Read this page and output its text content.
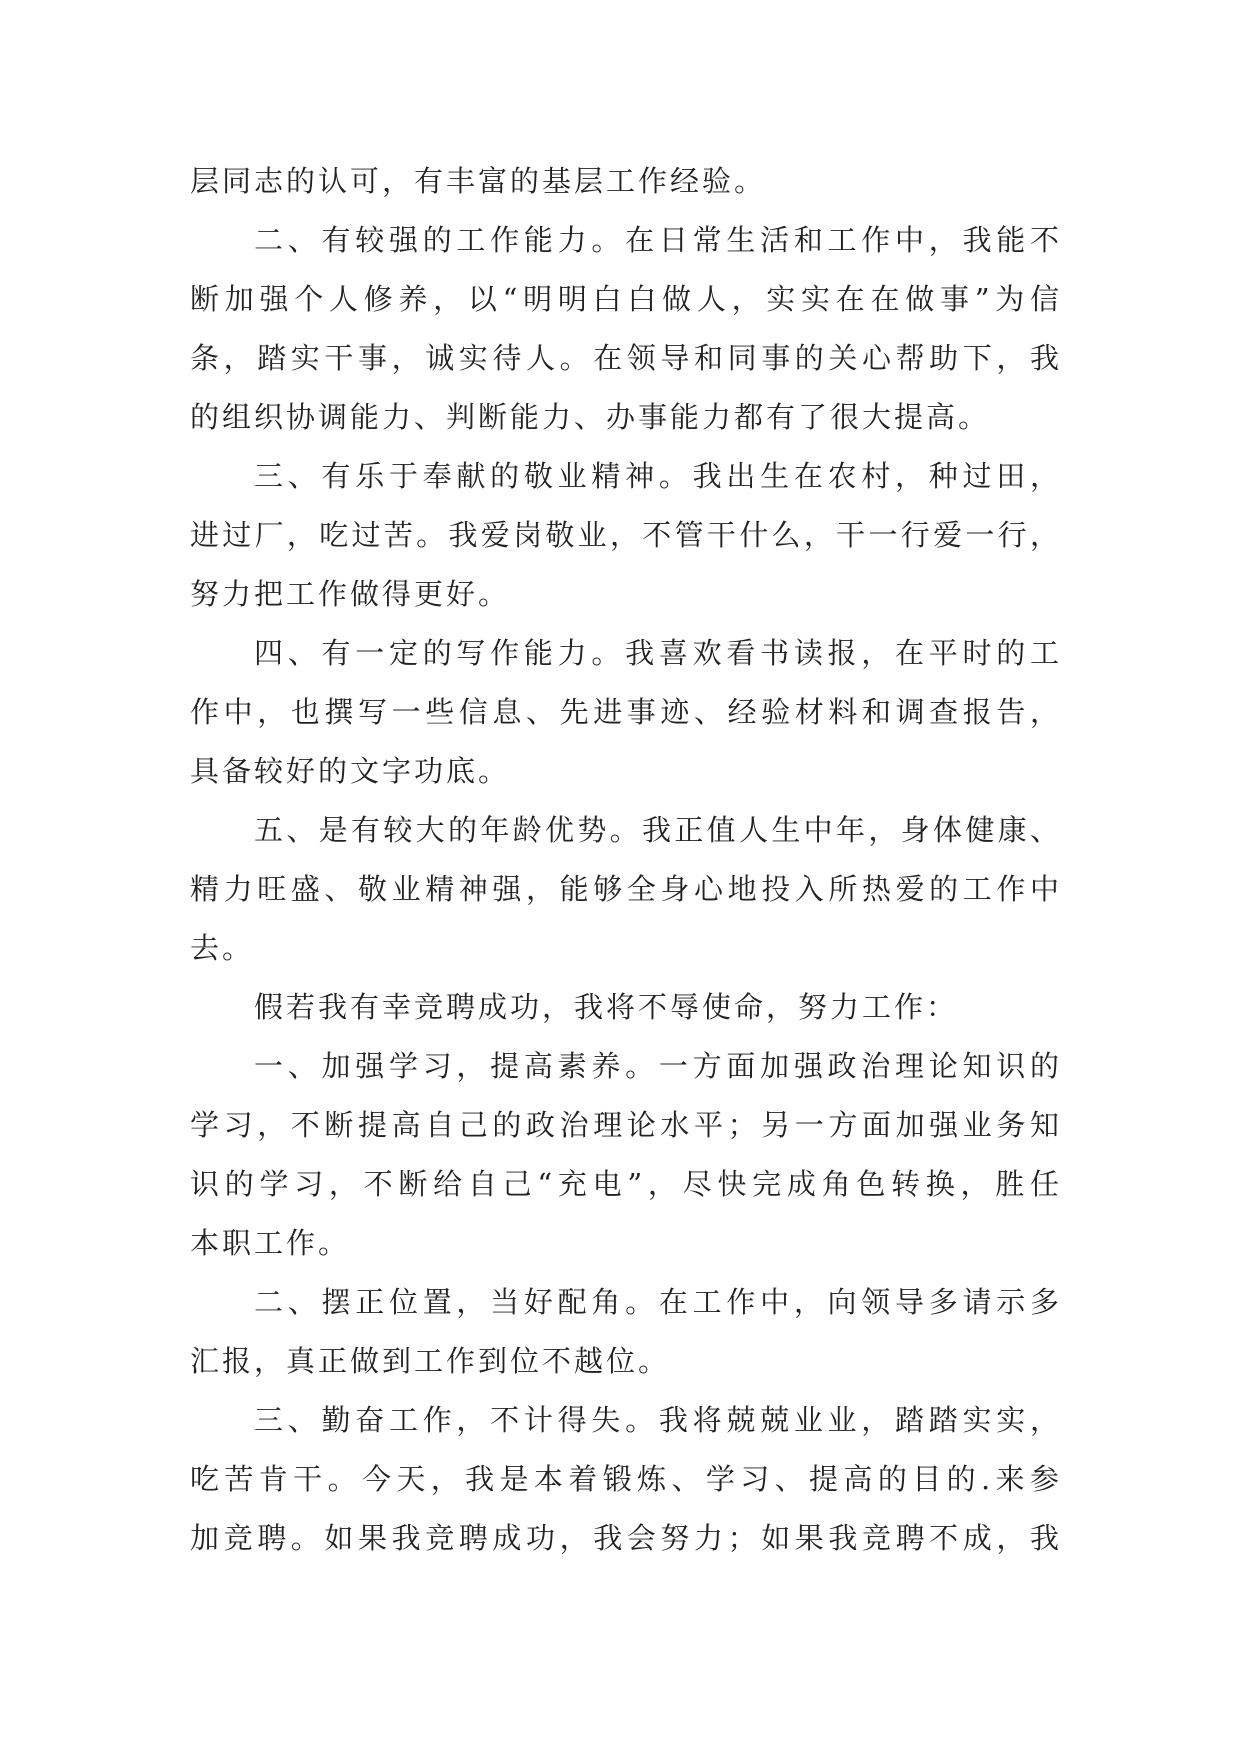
层同志的认可，有丰富的基层工作经验。
二、有较强的工作能力。在日常生活和工作中，我能不
断加强个人修养，以“明明白白做人，实实在在做事”为信
条，踏实干事，诚实待人。在领导和同事的关心帮助下，我
的组织协调能力、判断能力、办事能力都有了很大提高。
三、有乐于奉献的敬业精神。我出生在农村，种过田，
进过厂，吃过苦。我爱岗敬业，不管干什么，干一行爱一行，
努力把工作做得更好。
四、有一定的写作能力。我喜欢看书读报，在平时的工
作中，也撰写一些信息、先进事迹、经验材料和调查报告，
具备较好的文字功底。
五、是有较大的年龄优势。我正值人生中年，身体健康、
精力旺盛、敬业精神强，能够全身心地投入所热爱的工作中
去。
假若我有幸竞聘成功，我将不辱使命，努力工作：
一、加强学习，提高素养。一方面加强政治理论知识的
学习，不断提高自己的政治理论水平；另一方面加强业务知
识的学习，不断给自己“充电”，尽快完成角色转换，胜任
本职工作。
二、摆正位置，当好配角。在工作中，向领导多请示多
汇报，真正做到工作到位不越位。
三、勤奋工作，不计得失。我将兢兢业业，踏踏实实，
吃苦肯干。今天，我是本着锻炼、学习、提高的目的.来参
加竞聘。如果我竞聘成功，我会努力；如果我竞聘不成，我
